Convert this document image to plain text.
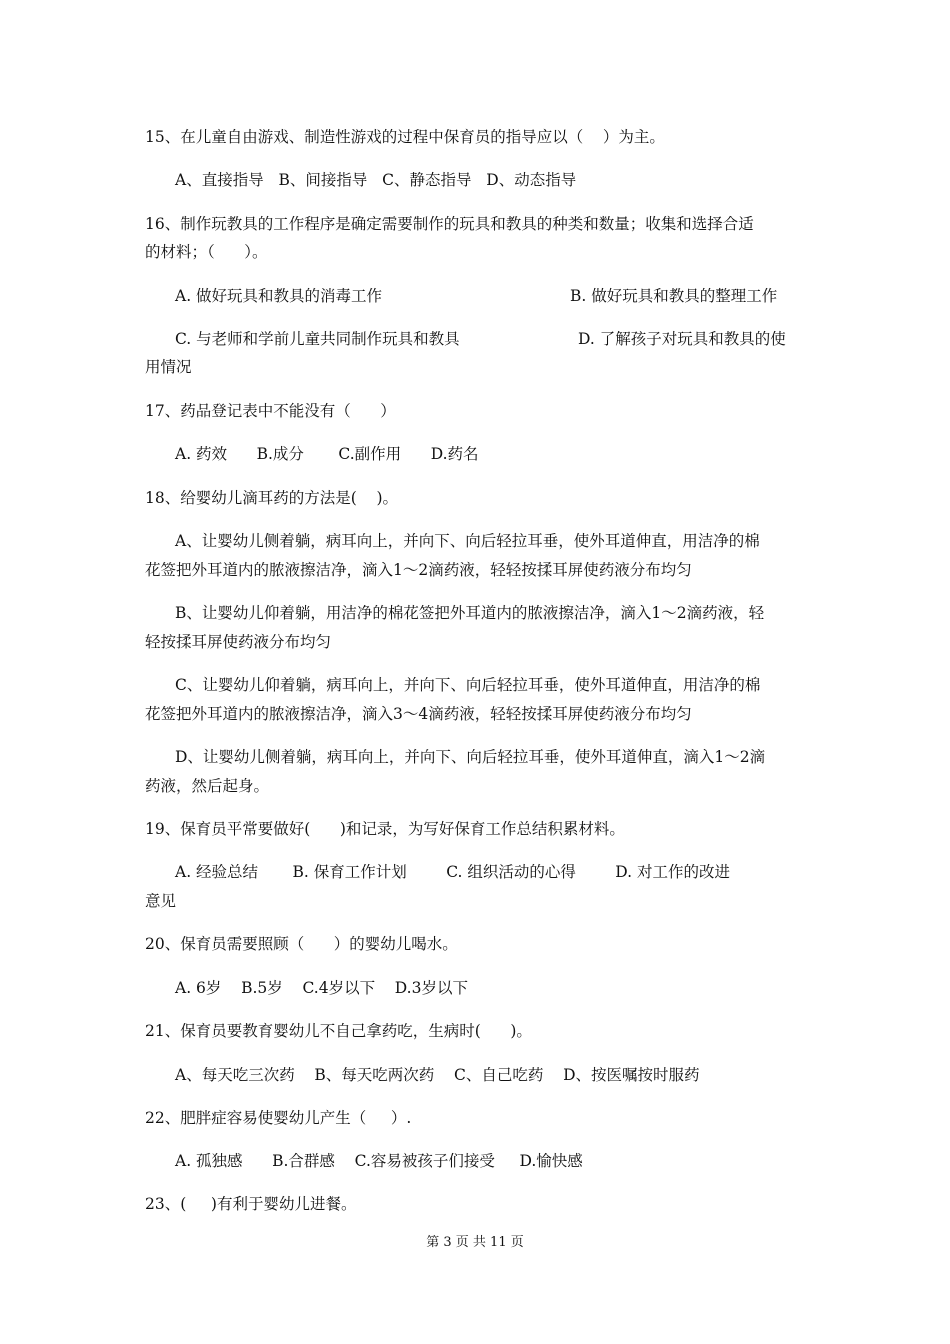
15、在儿童自由游戏、制造性游戏的过程中保育员的指导应以（    ）为主。
A、直接指导   B、间接指导   C、静态指导   D、动态指导
16、制作玩教具的工作程序是确定需要制作的玩具和教具的种类和数量；收集和选择合适
的材料；（      ）。
A. 做好玩具和教具的消毒工作	B. 做好玩具和教具的整理工作
C. 与老师和学前儿童共同制作玩具和教具	D. 了解孩子对玩具和教具的使
用情况
17、药品登记表中不能没有（      ）
A. 药效      B.成分       C.副作用      D.药名
18、给婴幼儿滴耳药的方法是(    )。
A、让婴幼儿侧着躺，病耳向上，并向下、向后轻拉耳垂，使外耳道伸直，用洁净的棉
花签把外耳道内的脓液擦洁净，滴入1～2滴药液，轻轻按揉耳屏使药液分布均匀
B、让婴幼儿仰着躺，用洁净的棉花签把外耳道内的脓液擦洁净，滴入1～2滴药液，轻
轻按揉耳屏使药液分布均匀
C、让婴幼儿仰着躺，病耳向上，并向下、向后轻拉耳垂，使外耳道伸直，用洁净的棉
花签把外耳道内的脓液擦洁净，滴入3～4滴药液，轻轻按揉耳屏使药液分布均匀
D、让婴幼儿侧着躺，病耳向上，并向下、向后轻拉耳垂，使外耳道伸直，滴入1～2滴
药液，然后起身。
19、保育员平常要做好(      )和记录，为写好保育工作总结积累材料。
A. 经验总结       B. 保育工作计划        C. 组织活动的心得        D. 对工作的改进
意见
20、保育员需要照顾（      ）的婴幼儿喝水。
A. 6岁    B.5岁    C.4岁以下    D.3岁以下
21、保育员要教育婴幼儿不自己拿药吃，生病时(      )。
A、每天吃三次药    B、每天吃两次药    C、自己吃药    D、按医嘱按时服药
22、肥胖症容易使婴幼儿产生（     ）.
A. 孤独感      B.合群感    C.容易被孩子们接受     D.愉快感
23、(     )有利于婴幼儿进餐。
第 3 页 共 11 页
